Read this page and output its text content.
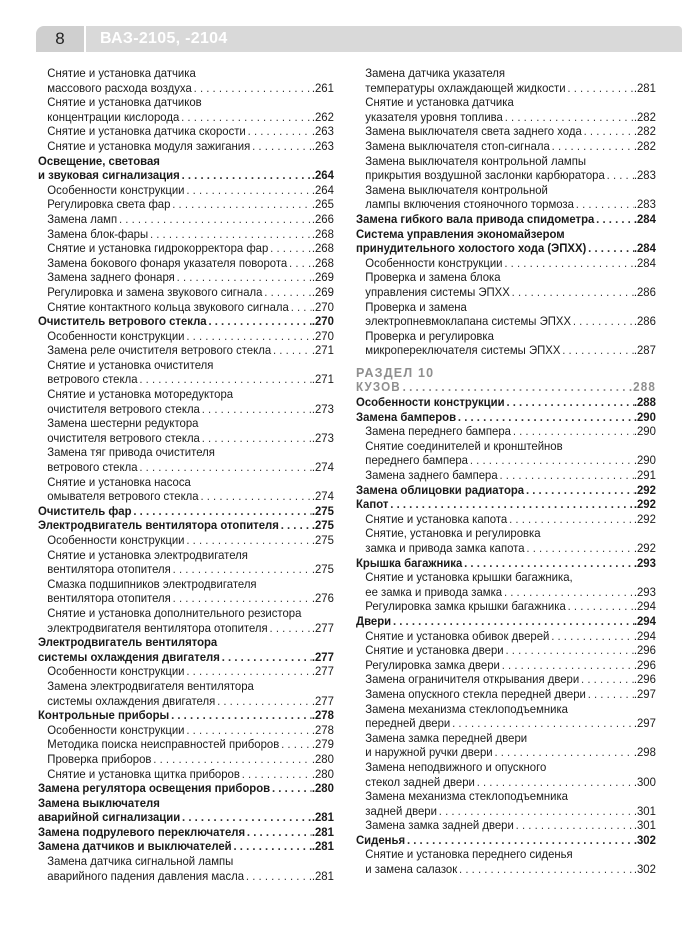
8	ВАЗ-2105, -2104
Снятие и установка датчика
массового расхода воздуха . . .	.261
Снятие и установка датчиков
концентрации кислорода . . .	.262
Снятие и установка датчика скорости . . .	.263
Снятие и установка модуля зажигания . . .	.263
Освещение, световая
и звуковая сигнализация . . .	.264
Особенности конструкции . . .	.264
Регулировка света фар . . .	.265
Замена ламп . . .	.266
Замена блок-фары . . .	.268
Снятие и установка гидрокорректора фар . . .	.268
Замена бокового фонаря указателя поворота . . . .268
Замена заднего фонаря . . .	.269
Регулировка и замена звукового сигнала . . .	.269
Снятие контактного кольца звукового сигнала . . . .270
Очиститель ветрового стекла . . .	.270
Особенности конструкции . . .	.270
Замена реле очистителя ветрового стекла . . .	.271
Снятие и установка очистителя
ветрового стекла . . .	.271
Снятие и установка моторедуктора
очистителя ветрового стекла . . .	.273
Замена шестерни редуктора
очистителя ветрового стекла . . .	.273
Замена тяг привода очистителя
ветрового стекла . . .	.274
Снятие и установка насоса
омывателя ветрового стекла . . .	.274
Очиститель фар . . .	.275
Электродвигатель вентилятора отопителя . . .	.275
Особенности конструкции . . .	.275
Снятие и установка электродвигателя
вентилятора отопителя . . .	.275
Смазка подшипников электродвигателя
вентилятора отопителя . . .	.276
Снятие и установка дополнительного резистора
электродвигателя вентилятора отопителя . . .	.277
Электродвигатель вентилятора
системы охлаждения двигателя . . .	.277
Особенности конструкции . . .	.277
Замена электродвигателя вентилятора
системы охлаждения двигателя . . .	.277
Контрольные приборы . . .	.278
Особенности конструкции . . .	.278
Методика поиска неисправностей приборов . . .	.279
Проверка приборов . . .	.280
Снятие и установка щитка приборов . . .	.280
Замена регулятора освещения приборов . . .	.280
Замена выключателя
аварийной сигнализации . . .	.281
Замена подрулевого переключателя . . .	.281
Замена датчиков и выключателей . . .	.281
Замена датчика сигнальной лампы
аварийного падения давления масла . . .	.281
Замена датчика указателя
температуры охлаждающей жидкости . . .	.281
Снятие и установка датчика
указателя уровня топлива . . .	.282
Замена выключателя света заднего хода . . .	.282
Замена выключателя стоп-сигнала . . .	.282
Замена выключателя контрольной лампы
прикрытия воздушной заслонки карбюратора . . . .283
Замена выключателя контрольной
лампы включения стояночного тормоза . . .	.283
Замена гибкого вала привода спидометра . . .	.284
Система управления экономайзером
принудительного холостого хода (ЭПХХ) . . .	.284
Особенности конструкции . . .	.284
Проверка и замена блока
управления системы ЭПХХ . . .	.286
Проверка и замена
электропневмоклапана системы ЭПХХ . . .	.286
Проверка и регулировка
микропереключателя системы ЭПХХ . . .	.287
РАЗДЕЛ 10
КУЗОВ . . .	.288
Особенности конструкции . . .	.288
Замена бамперов . . .	.290
Замена переднего бампера . . .	.290
Снятие соединителей и кронштейнов
переднего бампера . . .	.290
Замена заднего бампера . . .	.291
Замена облицовки радиатора . . .	.292
Капот . . .	.292
Снятие и установка капота . . .	.292
Снятие, установка и регулировка
замка и привода замка капота . . .	.292
Крышка багажника . . .	.293
Снятие и установка крышки багажника,
ее замка и привода замка . . .	.293
Регулировка замка крышки багажника . . .	.294
Двери . . .	.294
Снятие и установка обивок дверей . . .	.294
Снятие и установка двери . . .	.296
Регулировка замка двери . . .	.296
Замена ограничителя открывания двери . . .	.296
Замена опускного стекла передней двери . . .	.297
Замена механизма стеклоподъемника
передней двери . . .	.297
Замена замка передней двери
и наружной ручки двери . . .	.298
Замена неподвижного и опускного
стекол задней двери . . .	.300
Замена механизма стеклоподъемника
задней двери . . .	.301
Замена замка задней двери . . .	.301
Сиденья . . .	.302
Снятие и установка переднего сиденья
и замена салазок . . .	.302
